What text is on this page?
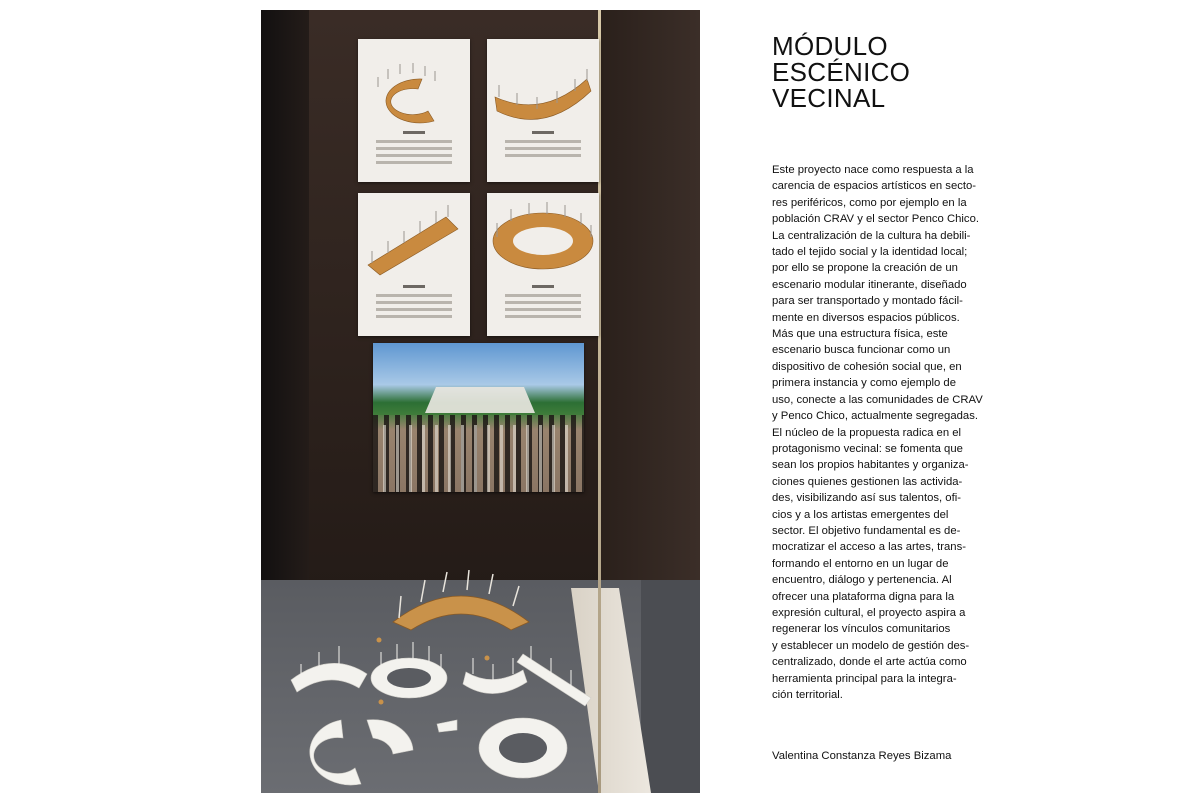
MÓDULO
ESCÉNICO
VECINAL

Este proyecto nace como respuesta a la
carencia de espacios artísticos en secto-
res periféricos, como por ejemplo en la
población CRAV y el sector Penco Chico.
La centralización de la cultura ha debili-
tado el tejido social y la identidad local;
por ello se propone la creación de un
escenario modular itinerante, diseñado
para ser transportado y montado fácil-
mente en diversos espacios públicos.
Más que una estructura física, este
escenario busca funcionar como un
dispositivo de cohesión social que, en
primera instancia y como ejemplo de
uso, conecte a las comunidades de CRAV
y Penco Chico, actualmente segregadas.
El núcleo de la propuesta radica en el
protagonismo vecinal: se fomenta que
sean los propios habitantes y organiza-
ciones quienes gestionen las activida-
des, visibilizando así sus talentos, ofi-
cios y a los artistas emergentes del
sector. El objetivo fundamental es de-
mocratizar el acceso a las artes, trans-
formando el entorno en un lugar de
encuentro, diálogo y pertenencia. Al
ofrecer una plataforma digna para la
expresión cultural, el proyecto aspira a
regenerar los vínculos comunitarios
y establecer un modelo de gestión des-
centralizado, donde el arte actúa como
herramienta principal para la integra-
ción territorial.

Valentina Constanza Reyes Bizama
